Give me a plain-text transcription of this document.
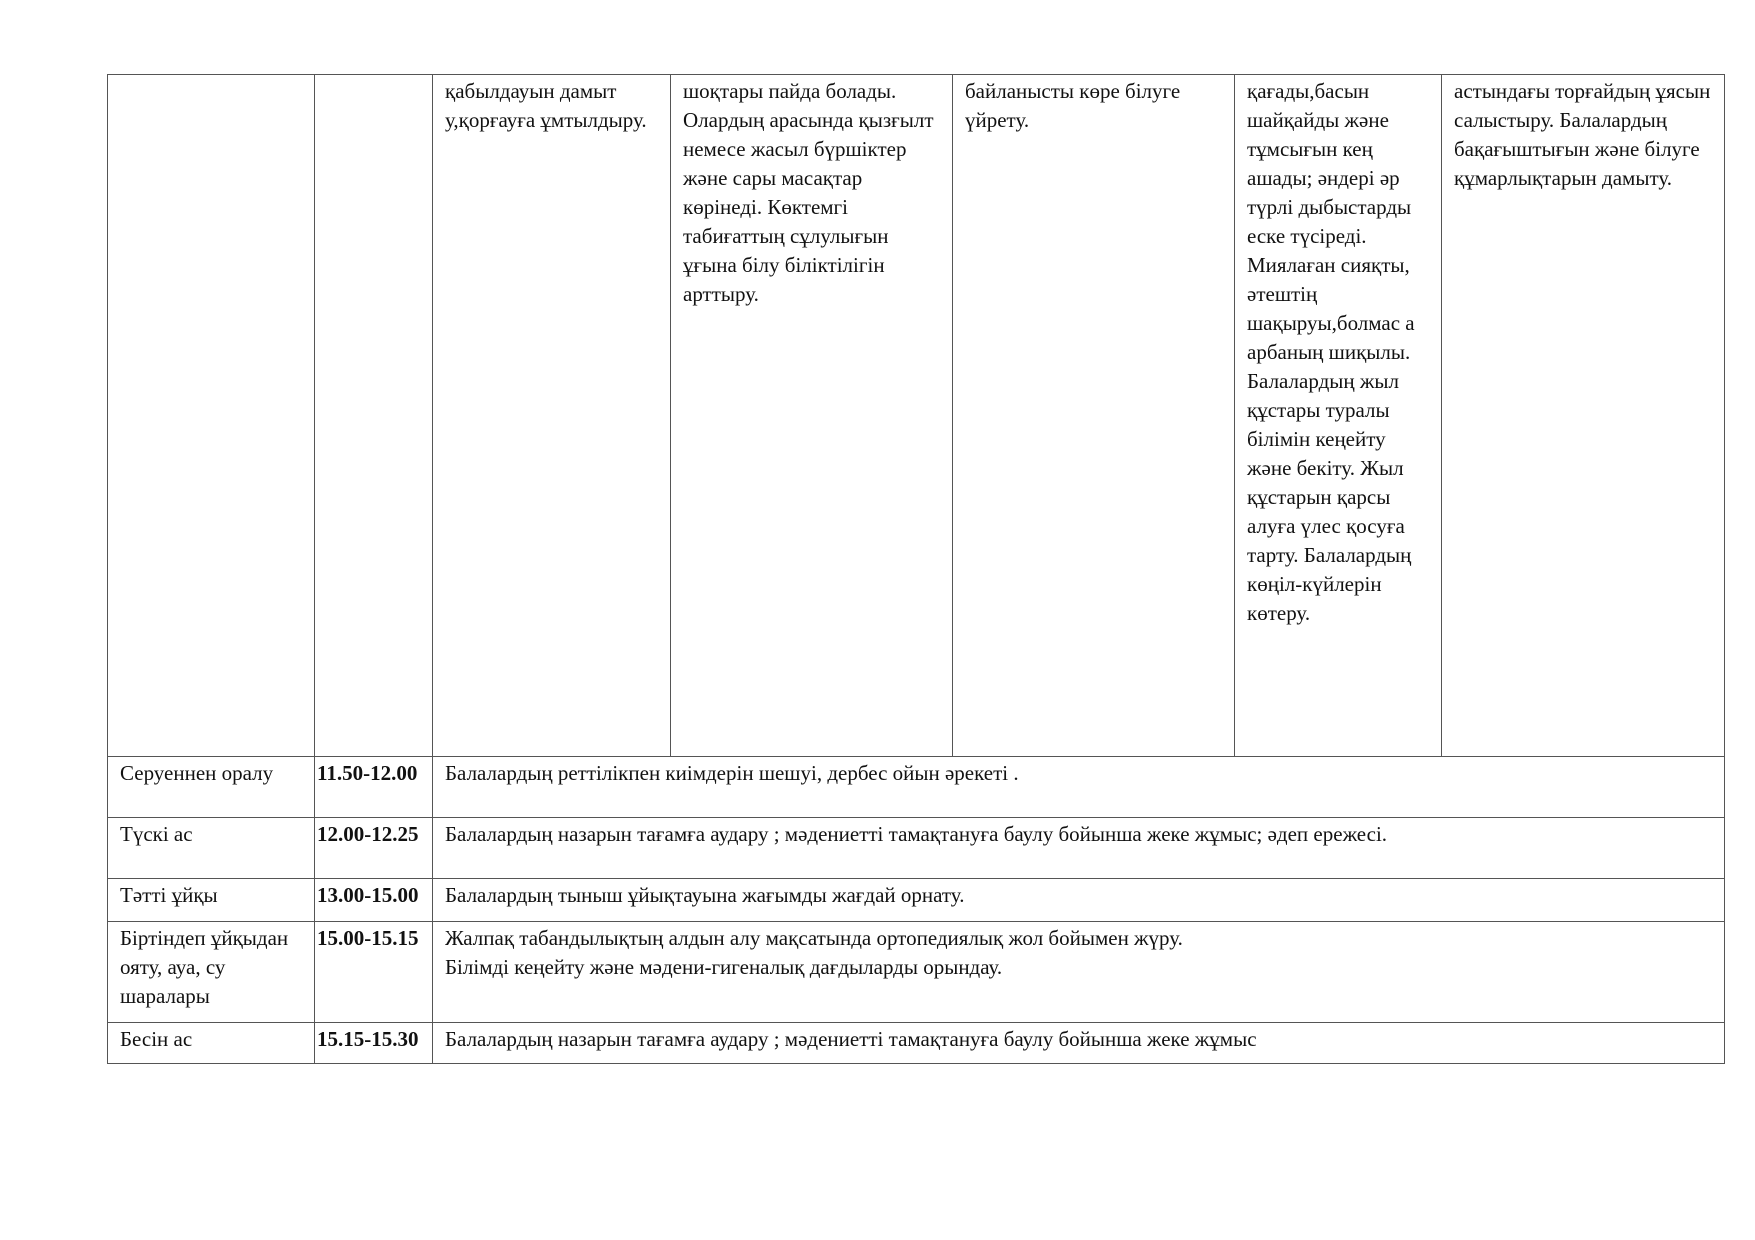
		қабылдауын дамыт у,қорғауға ұмтылдыру.	шоқтары пайда болады. Олардың арасында қызғылт немесе жасыл бүршіктер және сары масақтар көрінеді. Көктемгі табиғаттың сұлулығын ұғына білу біліктілігін арттыру.	байланысты көре білуге үйрету.	қағады,басын шайқайды және тұмсығын кең ашады; әндері әр түрлі дыбыстарды еске түсіреді. Миялаған сияқты, әтештің шақыруы,болмас а арбаның шиқылы. Балалардың жыл құстары туралы білімін кеңейту және бекіту. Жыл құстарын қарсы алуға үлес қосуға тарту. Балалардың көңіл-күйлерін көтеру.	астындағы торғайдың ұясын салыстыру. Балалардың бақағыштығын және білуге құмарлықтарын дамыту.
Серуеннен оралу	11.50-12.00	Балалардың реттілікпен киімдерін шешуі, дербес ойын әрекеті .				

Түскі ас	12.00-12.25	Балалардың назарын тағамға аудару ; мәдениетті тамақтануға баулу бойынша жеке жұмыс; әдеп ережесі.				

Тәтті ұйқы	13.00-15.00	Балалардың тыныш ұйықтауына жағымды жағдай орнату.				

Біртіндеп ұйқыдан ояту, ауа, су шаралары	15.00-15.15	Жалпақ табандылықтың алдын алу мақсатында ортопедиялық жол бойымен жүру.
Білімді кеңейту және мәдени-гигеналық дағдыларды орындау.				

Бесін ас	15.15-15.30	Балалардың назарын тағамға аудару ; мәдениетті тамақтануға баулу бойынша жеке жұмыс				
